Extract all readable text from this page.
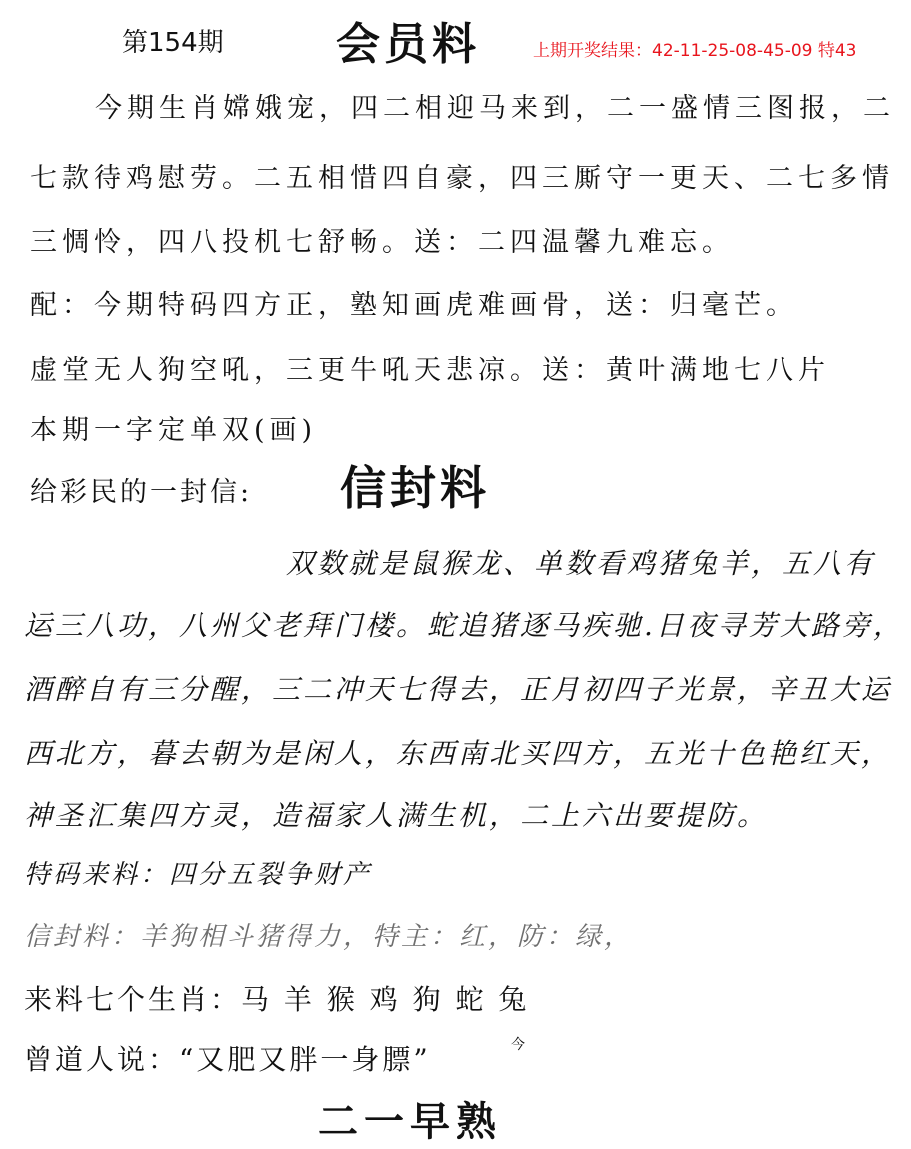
第154期	会员料	上期开奖结果：42-11-25-08-45-09 特43
今期生肖嫦娥宠，四二相迎马来到，二一盛情三图报，二
七款待鸡慰劳。二五相惜四自豪，四三厮守一更天、二七多情
三惆怜，四八投机七舒畅。送：二四温馨九难忘。
配：今期特码四方正，塾知画虎难画骨，送：归毫芒。
虚堂无人狗空吼，三更牛吼天悲凉。送：黄叶满地七八片
本期一字定单双(画)
给彩民的一封信: 信封料
双数就是鼠猴龙、单数看鸡猪兔羊，五八有
运三八功，八州父老拜门楼。蛇追猪逐马疾驰.日夜寻芳大路旁，
酒醉自有三分醒，三二冲天七得去，正月初四子光景，辛丑大运
西北方，暮去朝为是闲人，东西南北买四方，五光十色艳红天，
神圣汇集四方灵，造福家人满生机，二上六出要提防。
特码来料：四分五裂争财产
信封料：羊狗相斗猪得力，特主：红，防：绿，
来料七个生肖：马 羊 猴 鸡 狗 蛇 兔
曾道人说：“又肥又胖一身膘”	今
二一早熟
